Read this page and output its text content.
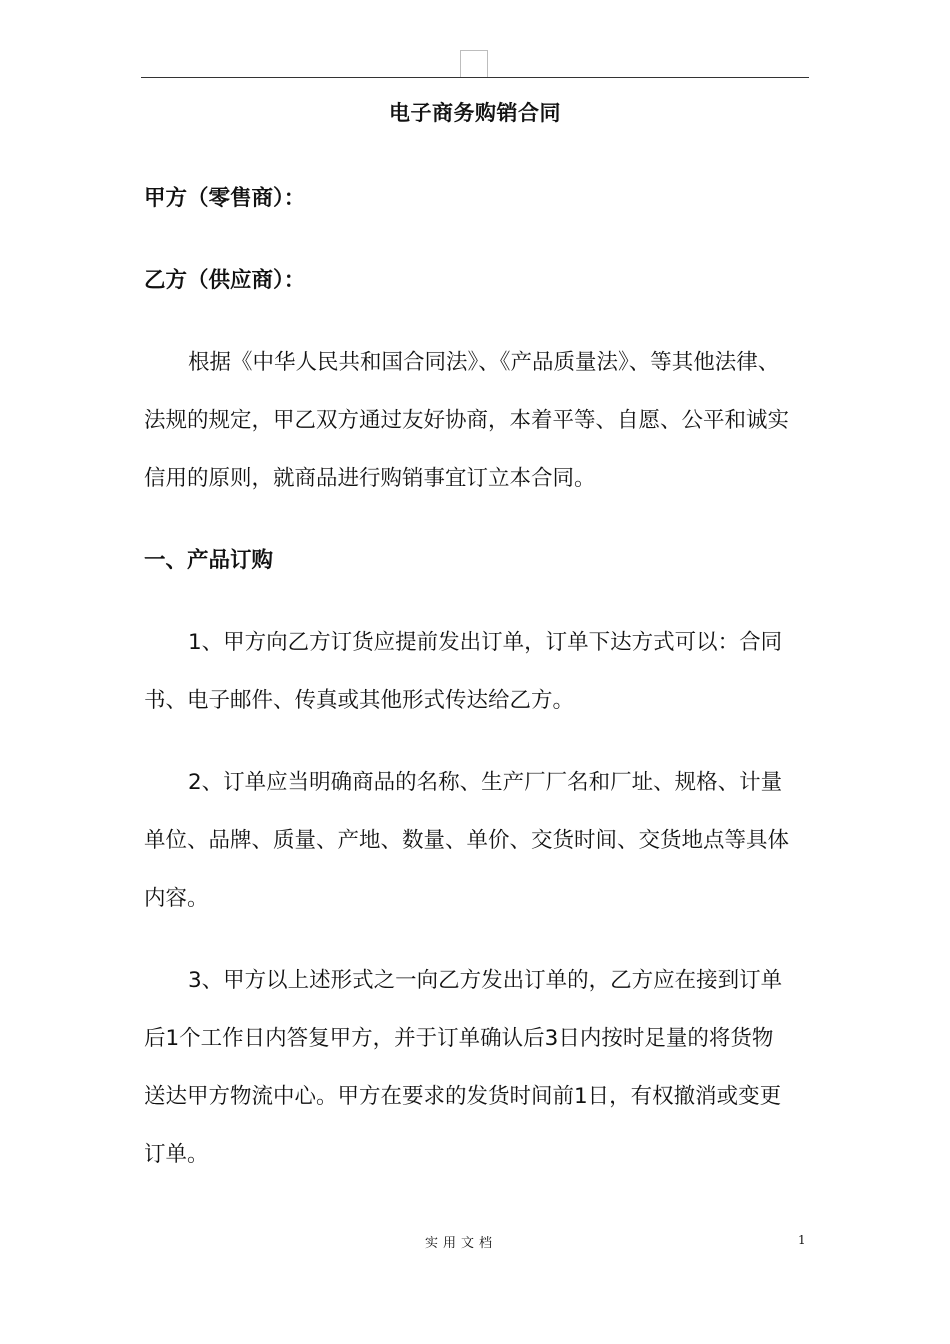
电子商务购销合同
甲方（零售商）：
乙方（供应商）：
根据《中华人民共和国合同法》、《产品质量法》、等其他法律、
法规的规定，甲乙双方通过友好协商，本着平等、自愿、公平和诚实
信用的原则，就商品进行购销事宜订立本合同。
一、产品订购
1、甲方向乙方订货应提前发出订单，订单下达方式可以：合同
书、电子邮件、传真或其他形式传达给乙方。
2、订单应当明确商品的名称、生产厂厂名和厂址、规格、计量
单位、品牌、质量、产地、数量、单价、交货时间、交货地点等具体
内容。
3、甲方以上述形式之一向乙方发出订单的，乙方应在接到订单
后1个工作日内答复甲方，并于订单确认后3日内按时足量的将货物
送达甲方物流中心。甲方在要求的发货时间前1日，有权撤消或变更
订单。
实用文档	1
